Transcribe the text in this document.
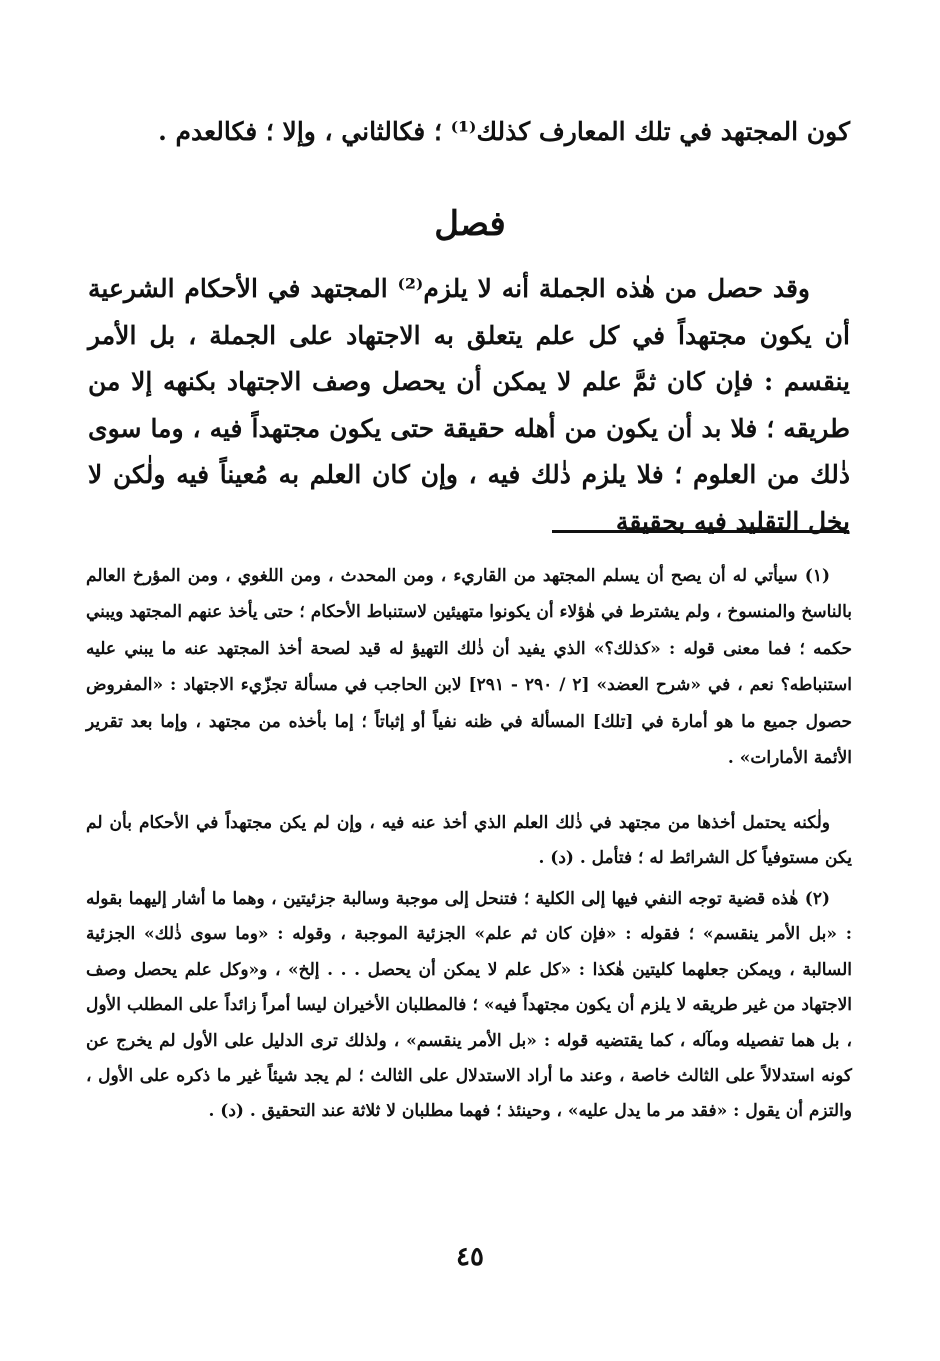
كون المجتهد في تلك المعارف كذلك⁽¹⁾ ؛ فكالثاني ، وإلا ؛ فكالعدم .

فصل

وقد حصل من هٰذه الجملة أنه لا يلزم⁽²⁾ المجتهد في الأحكام الشرعية أن يكون مجتهداً في كل علم يتعلق به الاجتهاد على الجملة ، بل الأمر ينقسم : فإن كان ثمَّ علم لا يمكن أن يحصل وصف الاجتهاد بكنهه إلا من طريقه ؛ فلا بد أن يكون من أهله حقيقة حتى يكون مجتهداً فيه ، وما سوى ذٰلك من العلوم ؛ فلا يلزم ذٰلك فيه ، وإن كان العلم به مُعيناً فيه ولٰكن لا يخل التقليد فيه بحقيقة

(١) سيأتي له أن يصح أن يسلم المجتهد من القاريء ، ومن المحدث ، ومن اللغوي ، ومن المؤرخ العالم بالناسخ والمنسوخ ، ولم يشترط في هٰؤلاء أن يكونوا متهيئين لاستنباط الأحكام ؛ حتى يأخذ عنهم المجتهد ويبني حكمه ؛ فما معنى قوله : «كذلك؟» الذي يفيد أن ذٰلك التهيؤ له قيد لصحة أخذ المجتهد عنه ما يبني عليه استنباطه؟ نعم ، في «شرح العضد» [٢ / ٢٩٠ - ٢٩١] لابن الحاجب في مسألة تجزّيء الاجتهاد : «المفروض حصول جميع ما هو أمارة في [تلك] المسألة في ظنه نفياً أو إثباتاً ؛ إما بأخذه من مجتهد ، وإما بعد تقرير الأئمة الأمارات» .

ولٰكنه يحتمل أخذها من مجتهد في ذٰلك العلم الذي أخذ عنه فيه ، وإن لم يكن مجتهداً في الأحكام بأن لم يكن مستوفياً كل الشرائط له ؛ فتأمل . (د) .

(٢) هٰذه قضية توجه النفي فيها إلى الكلية ؛ فتنحل إلى موجبة وسالبة جزئيتين ، وهما ما أشار إليهما بقوله : «بل الأمر ينقسم» ؛ فقوله : «فإن كان ثم علم» الجزئية الموجبة ، وقوله : «وما سوى ذٰلك» الجزئية السالبة ، ويمكن جعلهما كليتين هٰكذا : «كل علم لا يمكن أن يحصل . . . إلخ» ، و«وكل علم يحصل وصف الاجتهاد من غير طريقه لا يلزم أن يكون مجتهداً فيه» ؛ فالمطلبان الأخيران ليسا أمراً زائداً على المطلب الأول ، بل هما تفصيله ومآله ، كما يقتضيه قوله : «بل الأمر ينقسم» ، ولذلك ترى الدليل على الأول لم يخرج عن كونه استدلالاً على الثالث خاصة ، وعند ما أراد الاستدلال على الثالث ؛ لم يجد شيئاً غير ما ذكره على الأول ، والتزم أن يقول : «فقد مر ما يدل عليه» ، وحينئذ ؛ فهما مطلبان لا ثلاثة عند التحقيق . (د) .

٤٥
